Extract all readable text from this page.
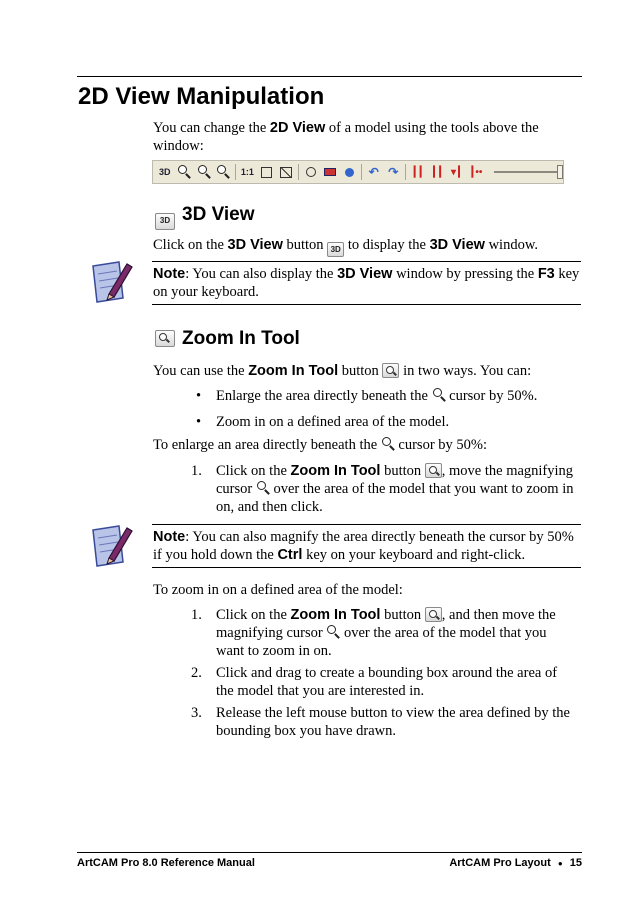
2D View Manipulation
You can change the 2D View of a model using the tools above the window:
3D	1:1	↶ ↷ ┃┃ ┃┃ ▾┃ ┃••
3D 3D View
Click on the 3D View button 3D to display the 3D View window.
Note: You can also display the 3D View window by pressing the F3 key on your keyboard.
Zoom In Tool
You can use the Zoom In Tool button  in two ways. You can:
• Enlarge the area directly beneath the  cursor by 50%.
• Zoom in on a defined area of the model.
To enlarge an area directly beneath the  cursor by 50%:
1. Click on the Zoom In Tool button , move the magnifying cursor  over the area of the model that you want to zoom in on, and then click.
Note: You can also magnify the area directly beneath the cursor by 50% if you hold down the Ctrl key on your keyboard and right-click.
To zoom in on a defined area of the model:
1. Click on the Zoom In Tool button , and then move the magnifying cursor  over the area of the model that you want to zoom in on.
2. Click and drag to create a bounding box around the area of the model that you are interested in.
3. Release the left mouse button to view the area defined by the bounding box you have drawn.
ArtCAM Pro 8.0 Reference Manual	ArtCAM Pro Layout ● 15
